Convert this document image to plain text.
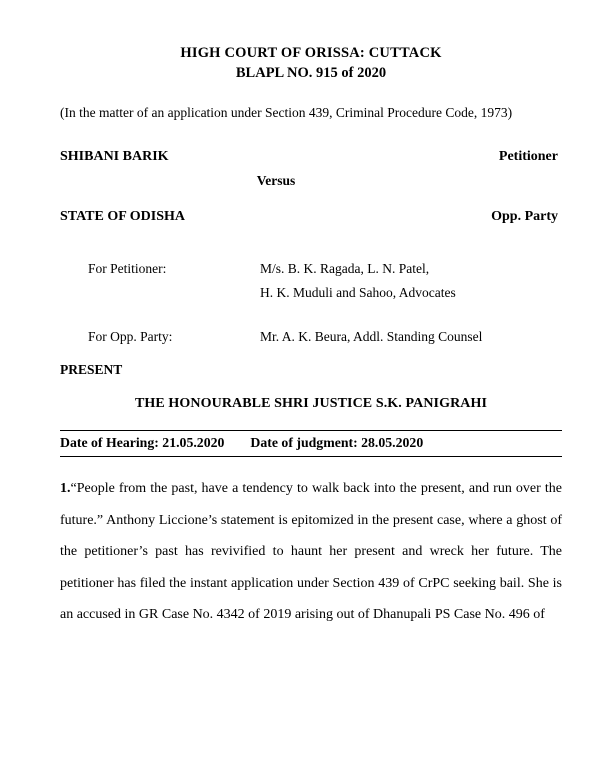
HIGH COURT OF ORISSA: CUTTACK
BLAPL NO. 915 of 2020
(In the matter of an application under Section 439, Criminal Procedure Code, 1973)
SHIBANI BARIK	Petitioner
Versus
STATE OF ODISHA	Opp. Party
For Petitioner:	M/s. B. K. Ragada, L. N. Patel,
H. K. Muduli and Sahoo, Advocates
For Opp. Party:	Mr. A. K. Beura, Addl. Standing Counsel
PRESENT
THE HONOURABLE SHRI JUSTICE S.K. PANIGRAHI
Date of Hearing: 21.05.2020 Date of judgment: 28.05.2020
1.“People from the past, have a tendency to walk back into the present, and run over the future.” Anthony Liccione’s statement is epitomized in the present case, where a ghost of the petitioner’s past has revivified to haunt her present and wreck her future. The petitioner has filed the instant application under Section 439 of CrPC seeking bail. She is an accused in GR Case No. 4342 of 2019 arising out of Dhanupali PS Case No. 496 of
